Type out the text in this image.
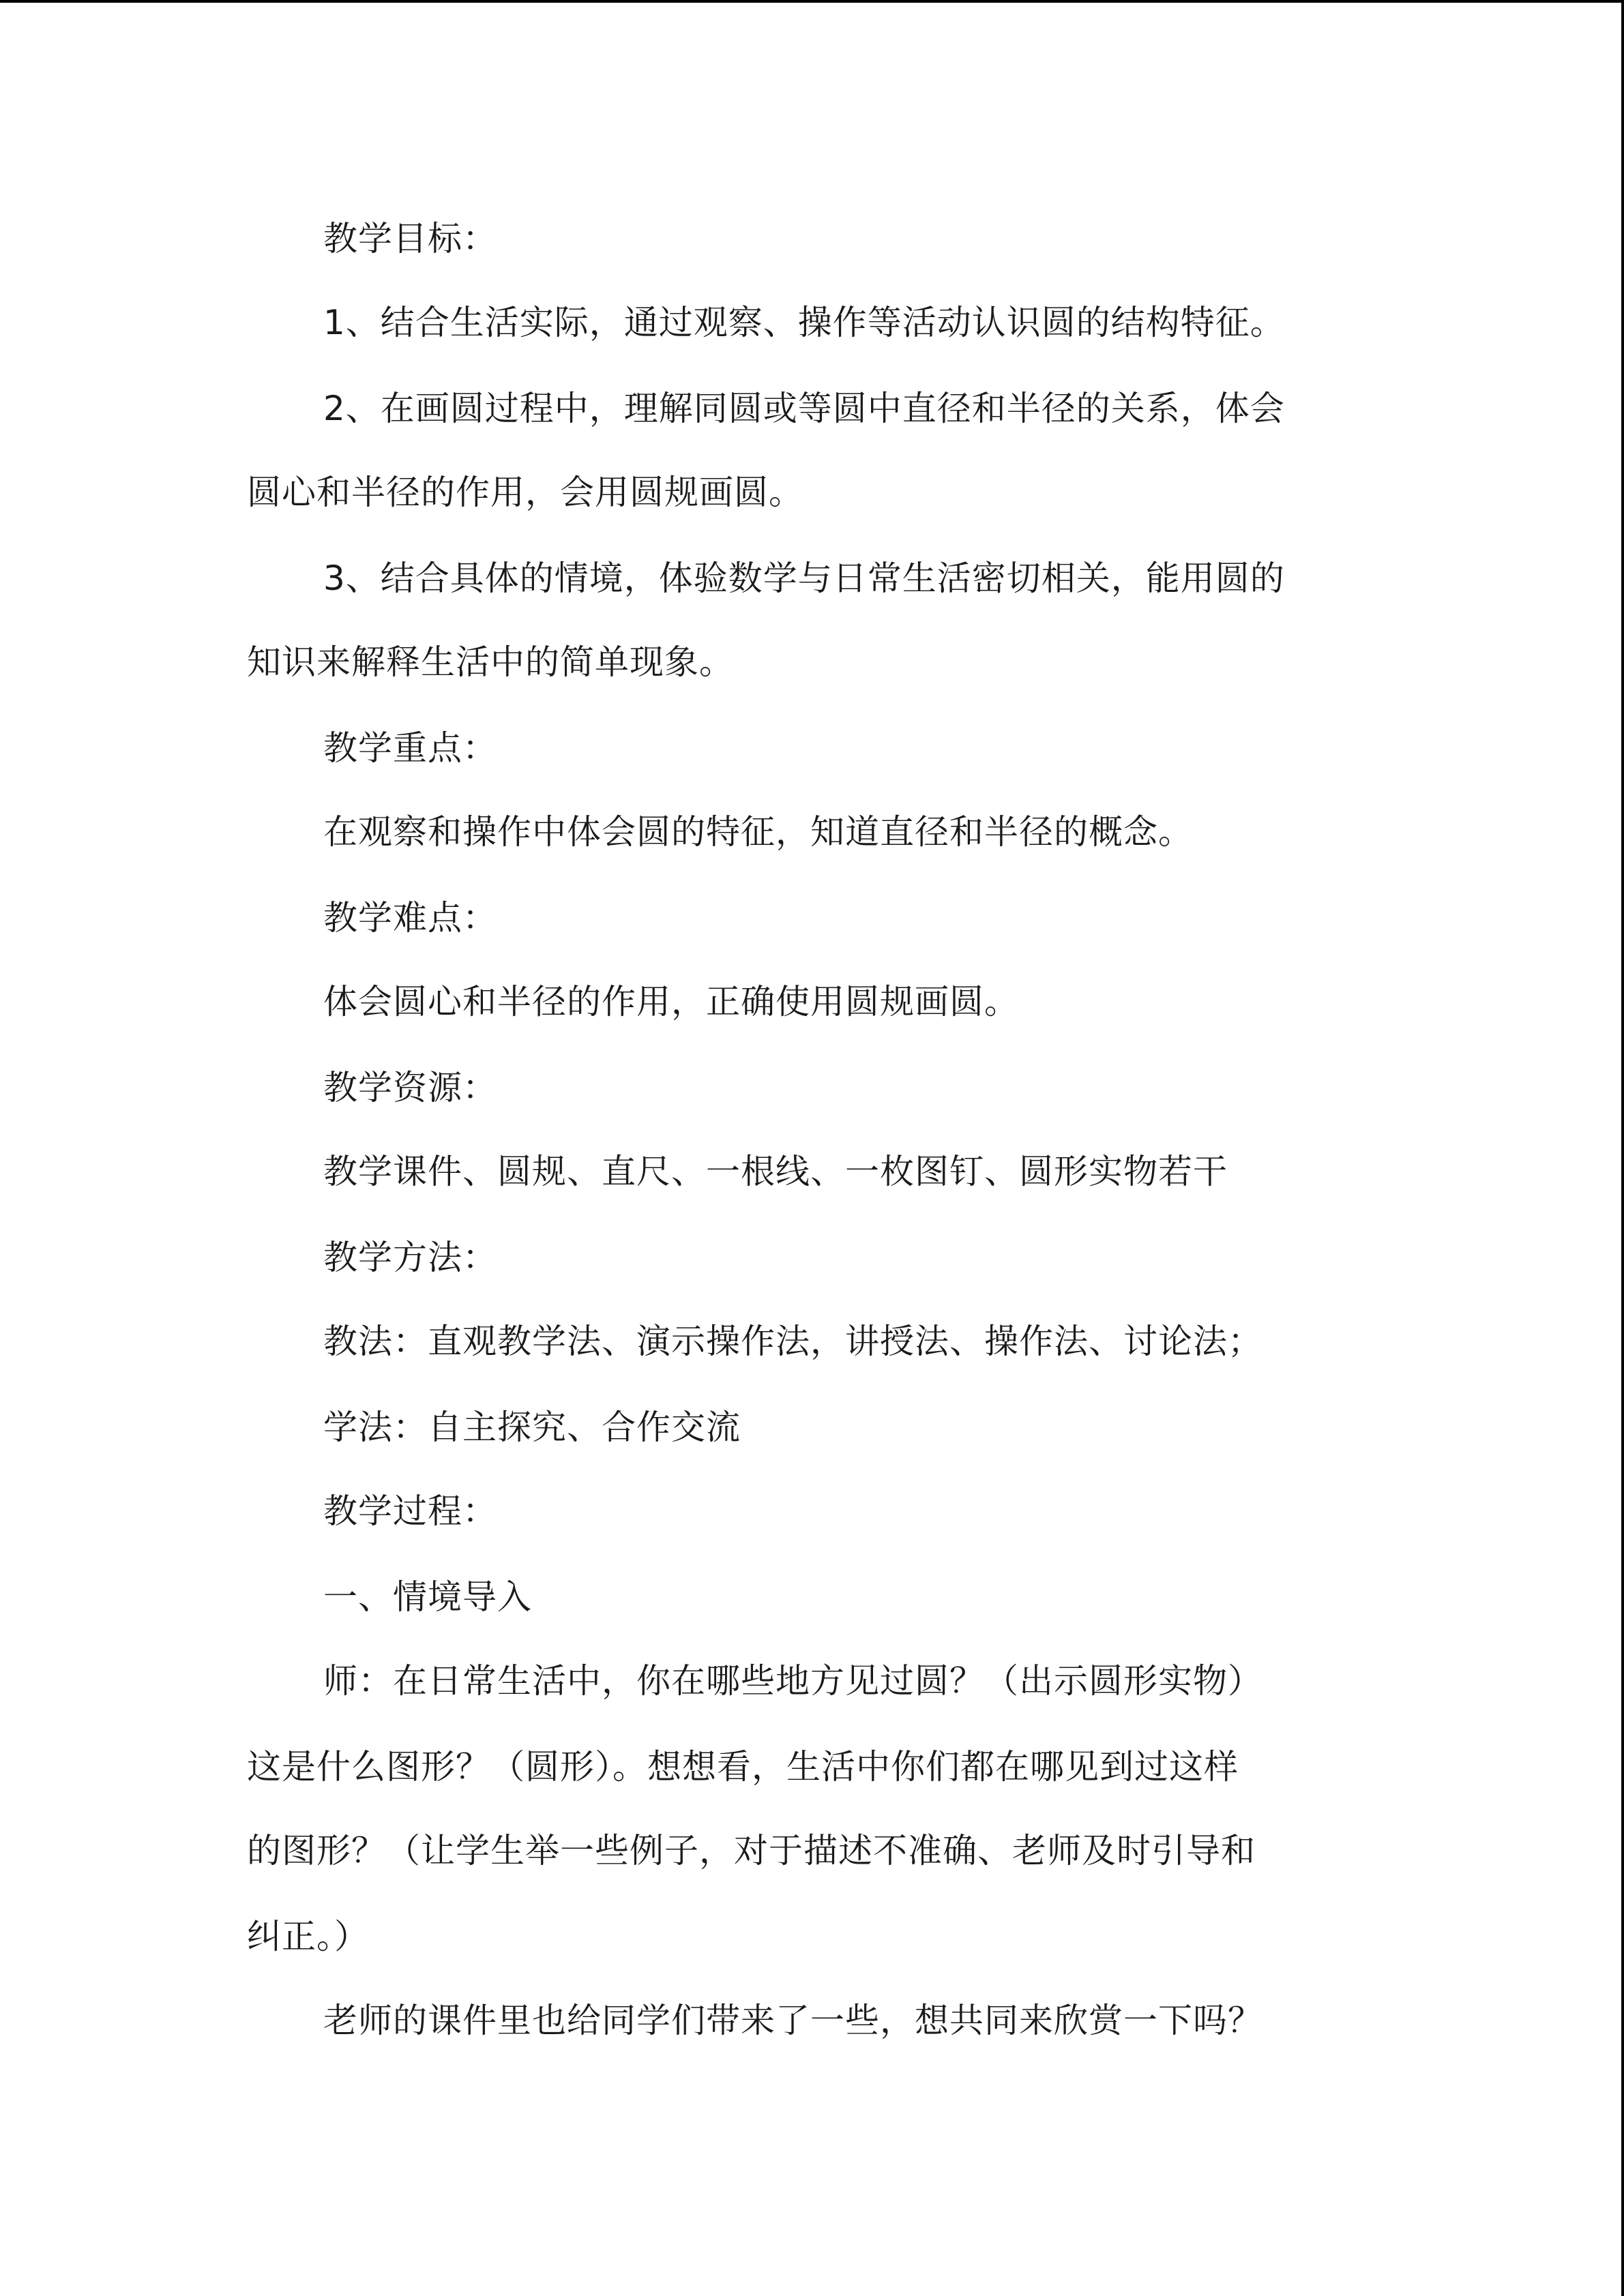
教学目标：
1、结合生活实际，通过观察、操作等活动认识圆的结构特征。
2、在画圆过程中，理解同圆或等圆中直径和半径的关系，体会
圆心和半径的作用，会用圆规画圆。
3、结合具体的情境，体验数学与日常生活密切相关，能用圆的
知识来解释生活中的简单现象。
教学重点：
在观察和操作中体会圆的特征，知道直径和半径的概念。
教学难点：
体会圆心和半径的作用，正确使用圆规画圆。
教学资源：
教学课件、圆规、直尺、一根线、一枚图钉、圆形实物若干
教学方法：
教法：直观教学法、演示操作法，讲授法、操作法、讨论法；
学法：自主探究、合作交流
教学过程：
一、情境导入
师：在日常生活中，你在哪些地方见过圆？（出示圆形实物）
这是什么图形？（圆形）。想想看，生活中你们都在哪见到过这样
的图形？（让学生举一些例子，对于描述不准确、老师及时引导和
纠正。）
老师的课件里也给同学们带来了一些，想共同来欣赏一下吗？
